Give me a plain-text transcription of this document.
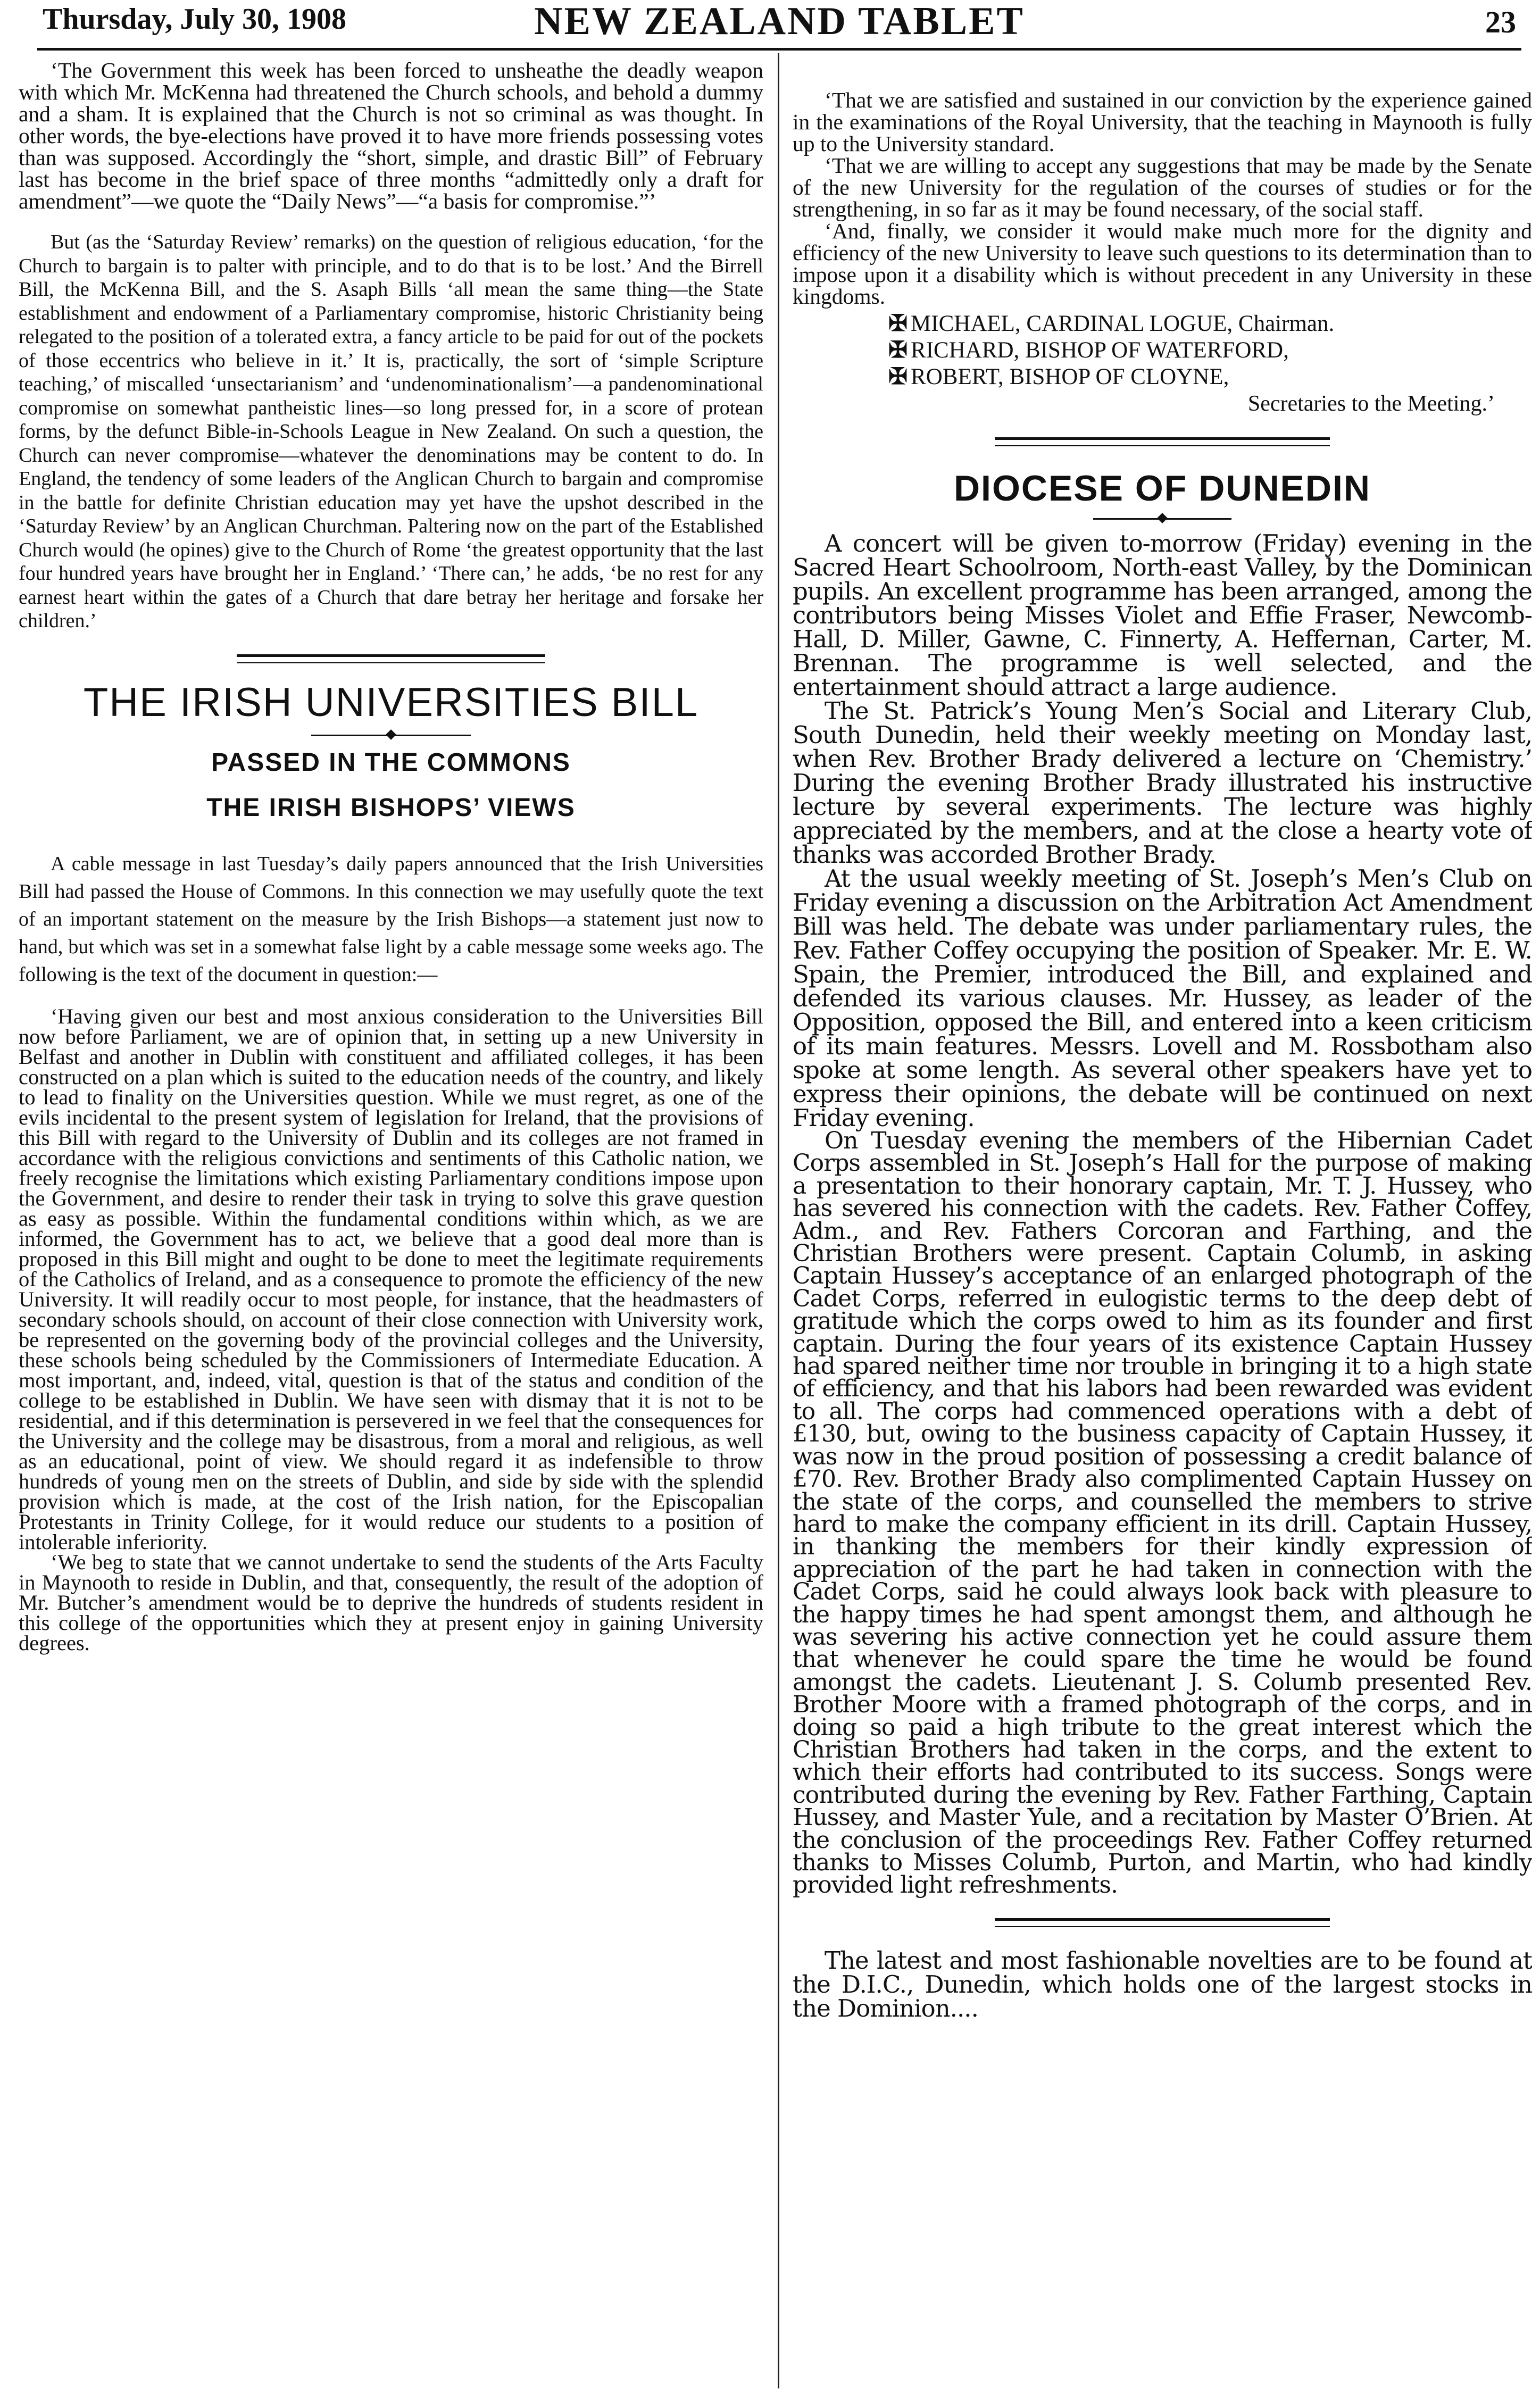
Thursday, July 30, 1908	NEW ZEALAND TABLET	23

‘The Government this week has been forced to unsheathe the deadly weapon with which Mr. McKenna had threatened the Church schools, and behold a dummy and a sham. It is explained that the Church is not so criminal as was thought. In other words, the bye-elections have proved it to have more friends possessing votes than was supposed. Accordingly the “short, simple, and drastic Bill” of February last has become in the brief space of three months “admittedly only a draft for amendment”—we quote the “Daily News”—“a basis for compromise.”’

But (as the ‘Saturday Review’ remarks) on the question of religious education, ‘for the Church to bargain is to palter with principle, and to do that is to be lost.’ And the Birrell Bill, the McKenna Bill, and the S. Asaph Bills ‘all mean the same thing—the State establishment and endowment of a Parliamentary compromise, historic Christianity being relegated to the position of a tolerated extra, a fancy article to be paid for out of the pockets of those eccentrics who believe in it.’ It is, practically, the sort of ‘simple Scripture teaching,’ of miscalled ‘unsectarianism’ and ‘undenominationalism’—a pandenominational compromise on somewhat pantheistic lines—so long pressed for, in a score of protean forms, by the defunct Bible-in-Schools League in New Zealand. On such a question, the Church can never compromise—whatever the denominations may be content to do. In England, the tendency of some leaders of the Anglican Church to bargain and compromise in the battle for definite Christian education may yet have the upshot described in the ‘Saturday Review’ by an Anglican Churchman. Paltering now on the part of the Established Church would (he opines) give to the Church of Rome ‘the greatest opportunity that the last four hundred years have brought her in England.’ ‘There can,’ he adds, ‘be no rest for any earnest heart within the gates of a Church that dare betray her heritage and forsake her children.’

THE IRISH UNIVERSITIES BILL
PASSED IN THE COMMONS
THE IRISH BISHOPS’ VIEWS

A cable message in last Tuesday’s daily papers announced that the Irish Universities Bill had passed the House of Commons. In this connection we may usefully quote the text of an important statement on the measure by the Irish Bishops—a statement just now to hand, but which was set in a somewhat false light by a cable message some weeks ago. The following is the text of the document in question:—

‘Having given our best and most anxious consideration to the Universities Bill now before Parliament, we are of opinion that, in setting up a new University in Belfast and another in Dublin with constituent and affiliated colleges, it has been constructed on a plan which is suited to the education needs of the country, and likely to lead to finality on the Universities question. While we must regret, as one of the evils incidental to the present system of legislation for Ireland, that the provisions of this Bill with regard to the University of Dublin and its colleges are not framed in accordance with the religious convictions and sentiments of this Catholic nation, we freely recognise the limitations which existing Parliamentary conditions impose upon the Government, and desire to render their task in trying to solve this grave question as easy as possible. Within the fundamental conditions within which, as we are informed, the Government has to act, we believe that a good deal more than is proposed in this Bill might and ought to be done to meet the legitimate requirements of the Catholics of Ireland, and as a consequence to promote the efficiency of the new University. It will readily occur to most people, for instance, that the headmasters of secondary schools should, on account of their close connection with University work, be represented on the governing body of the provincial colleges and the University, these schools being scheduled by the Commissioners of Intermediate Education. A most important, and, indeed, vital, question is that of the status and condition of the college to be established in Dublin. We have seen with dismay that it is not to be residential, and if this determination is persevered in we feel that the consequences for the University and the college may be disastrous, from a moral and religious, as well as an educational, point of view. We should regard it as indefensible to throw hundreds of young men on the streets of Dublin, and side by side with the splendid provision which is made, at the cost of the Irish nation, for the Episcopalian Protestants in Trinity College, for it would reduce our students to a position of intolerable inferiority.

‘We beg to state that we cannot undertake to send the students of the Arts Faculty in Maynooth to reside in Dublin, and that, consequently, the result of the adoption of Mr. Butcher’s amendment would be to deprive the hundreds of students resident in this college of the opportunities which they at present enjoy in gaining University degrees.

‘That we are satisfied and sustained in our conviction by the experience gained in the examinations of the Royal University, that the teaching in Maynooth is fully up to the University standard.

‘That we are willing to accept any suggestions that may be made by the Senate of the new University for the regulation of the courses of studies or for the strengthening, in so far as it may be found necessary, of the social staff.

‘And, finally, we consider it would make much more for the dignity and efficiency of the new University to leave such questions to its determination than to impose upon it a disability which is without precedent in any University in these kingdoms.

✠ MICHAEL, CARDINAL LOGUE, Chairman.
✠ RICHARD, BISHOP OF WATERFORD,
✠ ROBERT, BISHOP OF CLOYNE,
Secretaries to the Meeting.’
DIOCESE OF DUNEDIN

A concert will be given to-morrow (Friday) evening in the Sacred Heart Schoolroom, North-east Valley, by the Dominican pupils. An excellent programme has been arranged, among the contributors being Misses Violet and Effie Fraser, Newcomb-Hall, D. Miller, Gawne, C. Finnerty, A. Heffernan, Carter, M. Brennan. The programme is well selected, and the entertainment should attract a large audience.

The St. Patrick’s Young Men’s Social and Literary Club, South Dunedin, held their weekly meeting on Monday last, when Rev. Brother Brady delivered a lecture on ‘Chemistry.’ During the evening Brother Brady illustrated his instructive lecture by several experiments. The lecture was highly appreciated by the members, and at the close a hearty vote of thanks was accorded Brother Brady.

At the usual weekly meeting of St. Joseph’s Men’s Club on Friday evening a discussion on the Arbitration Act Amendment Bill was held. The debate was under parliamentary rules, the Rev. Father Coffey occupying the position of Speaker. Mr. E. W. Spain, the Premier, introduced the Bill, and explained and defended its various clauses. Mr. Hussey, as leader of the Opposition, opposed the Bill, and entered into a keen criticism of its main features. Messrs. Lovell and M. Rossbotham also spoke at some length. As several other speakers have yet to express their opinions, the debate will be continued on next Friday evening.

On Tuesday evening the members of the Hibernian Cadet Corps assembled in St. Joseph’s Hall for the purpose of making a presentation to their honorary captain, Mr. T. J. Hussey, who has severed his connection with the cadets. Rev. Father Coffey, Adm., and Rev. Fathers Corcoran and Farthing, and the Christian Brothers were present. Captain Columb, in asking Captain Hussey’s acceptance of an enlarged photograph of the Cadet Corps, referred in eulogistic terms to the deep debt of gratitude which the corps owed to him as its founder and first captain. During the four years of its existence Captain Hussey had spared neither time nor trouble in bringing it to a high state of efficiency, and that his labors had been rewarded was evident to all. The corps had commenced operations with a debt of £130, but, owing to the business capacity of Captain Hussey, it was now in the proud position of possessing a credit balance of £70. Rev. Brother Brady also complimented Captain Hussey on the state of the corps, and counselled the members to strive hard to make the company efficient in its drill. Captain Hussey, in thanking the members for their kindly expression of appreciation of the part he had taken in connection with the Cadet Corps, said he could always look back with pleasure to the happy times he had spent amongst them, and although he was severing his active connection yet he could assure them that whenever he could spare the time he would be found amongst the cadets. Lieutenant J. S. Columb presented Rev. Brother Moore with a framed photograph of the corps, and in doing so paid a high tribute to the great interest which the Christian Brothers had taken in the corps, and the extent to which their efforts had contributed to its success. Songs were contributed during the evening by Rev. Father Farthing, Captain Hussey, and Master Yule, and a recitation by Master O’Brien. At the conclusion of the proceedings Rev. Father Coffey returned thanks to Misses Columb, Purton, and Martin, who had kindly provided light refreshments.

The latest and most fashionable novelties are to be found at the D.I.C., Dunedin, which holds one of the largest stocks in the Dominion....
